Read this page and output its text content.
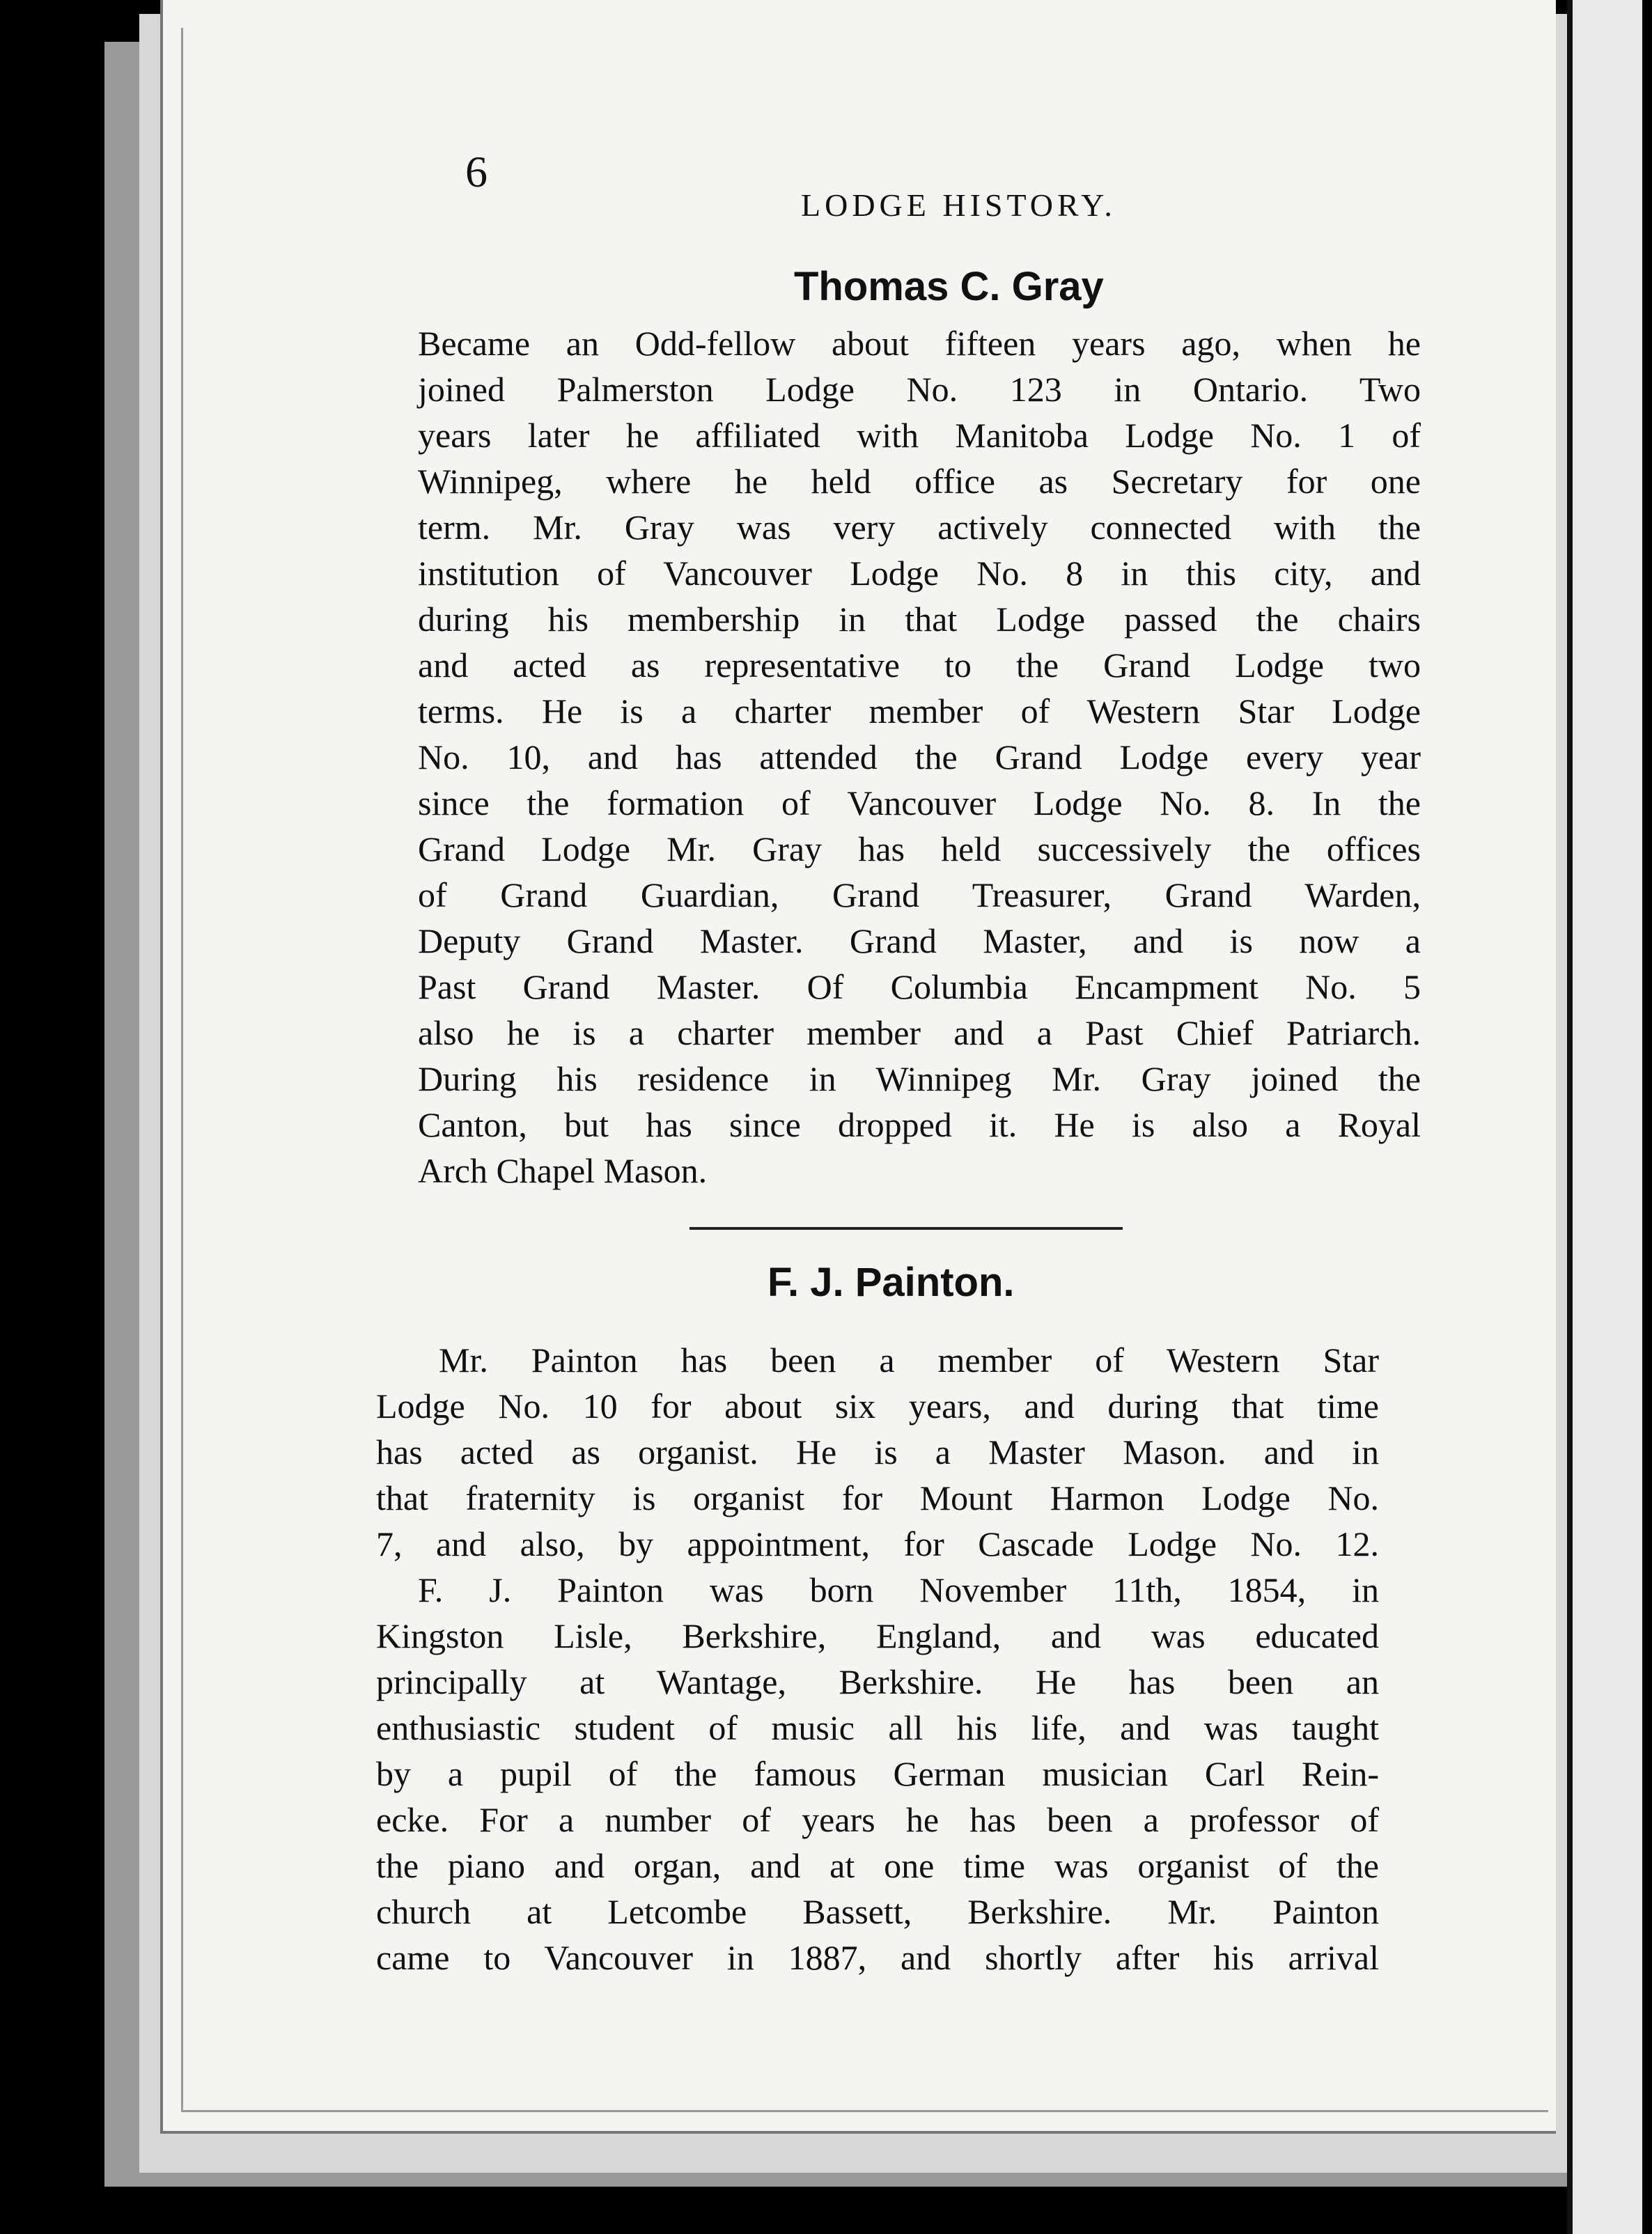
6
LODGE HISTORY.
Thomas C. Gray
Became an Odd-fellow about fifteen years ago, when he
joined Palmerston Lodge No. 123 in Ontario. Two
years later he affiliated with Manitoba Lodge No. 1 of
Winnipeg, where he held office as Secretary for one
term. Mr. Gray was very actively connected with the
institution of Vancouver Lodge No. 8 in this city, and
during his membership in that Lodge passed the chairs
and acted as representative to the Grand Lodge two
terms. He is a charter member of Western Star Lodge
No. 10, and has attended the Grand Lodge every year
since the formation of Vancouver Lodge No. 8. In the
Grand Lodge Mr. Gray has held successively the offices
of Grand Guardian, Grand Treasurer, Grand Warden,
Deputy Grand Master. Grand Master, and is now a
Past Grand Master. Of Columbia Encampment No. 5
also he is a charter member and a Past Chief Patriarch.
During his residence in Winnipeg Mr. Gray joined the
Canton, but has since dropped it. He is also a Royal
Arch Chapel Mason.
F. J. Painton.
Mr. Painton has been a member of Western Star
Lodge No. 10 for about six years, and during that time
has acted as organist. He is a Master Mason. and in
that fraternity is organist for Mount Harmon Lodge No.
7, and also, by appointment, for Cascade Lodge No. 12.
F. J. Painton was born November 11th, 1854, in
Kingston Lisle, Berkshire, England, and was educated
principally at Wantage, Berkshire. He has been an
enthusiastic student of music all his life, and was taught
by a pupil of the famous German musician Carl Rein-
ecke. For a number of years he has been a professor of
the piano and organ, and at one time was organist of the
church at Letcombe Bassett, Berkshire. Mr. Painton
came to Vancouver in 1887, and shortly after his arrival
